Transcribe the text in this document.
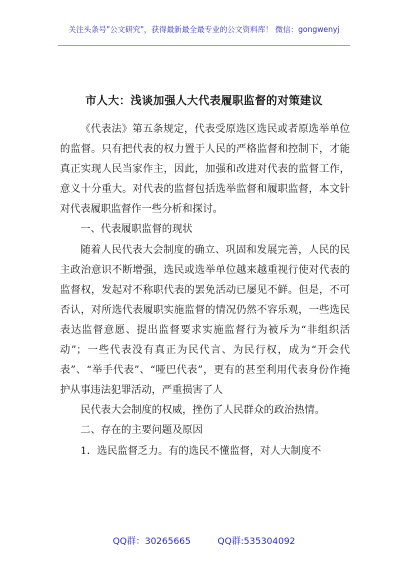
关注头条号"公文研究"，获得最新最全最专业的公文资料库！ 微信：gongwenyj
市人大：浅谈加强人大代表履职监督的对策建议

《代表法》第五条规定，代表受原选区选民或者原选举单位的监督。只有把代表的权力置于人民的严格监督和控制下，才能真正实现人民当家作主，因此，加强和改进对代表的监督工作，意义十分重大。对代表的监督包括选举监督和履职监督，本文针对代表履职监督作一些分析和探讨。

一、代表履职监督的现状

随着人民代表大会制度的确立、巩固和发展完善，人民的民主政治意识不断增强，选民或选举单位越来越重视行使对代表的监督权，发起对不称职代表的罢免活动已屡见不鲜。但是，不可否认，对所选代表履职实施监督的情况仍然不容乐观，一些选民表达监督意愿、提出监督要求实施监督行为被斥为“非组织活动”；一些代表没有真正为民代言、为民行权，成为“开会代表”、“举手代表”、“哑巴代表”，更有的甚至利用代表身份作掩护从事违法犯罪活动，严重损害了人

民代表大会制度的权威，挫伤了人民群众的政治热情。

二、存在的主要问题及原因

1．选民监督乏力。有的选民不懂监督，对人大制度不

QQ群：30265665	QQ群:535304092
